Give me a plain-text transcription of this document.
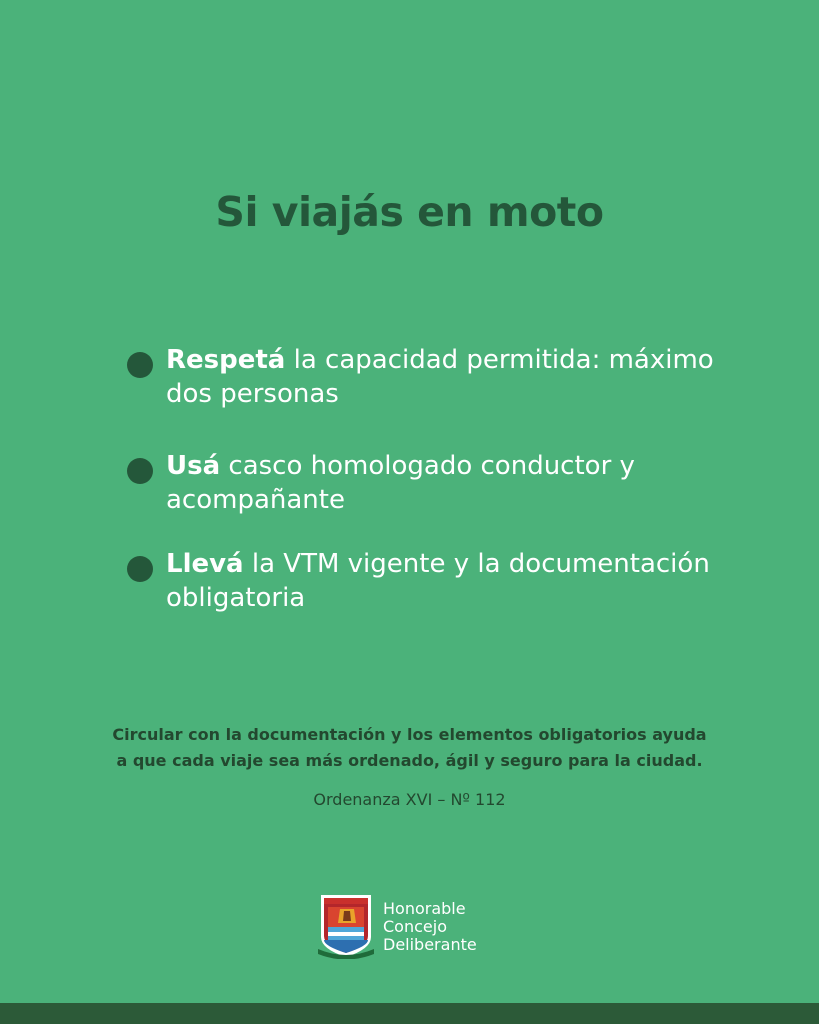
Si viajás en moto
Respetá la capacidad permitida: máximo dos personas
Usá casco homologado conductor y acompañante
Llevá la VTM vigente y la documentación obligatoria
Circular con la documentación y los elementos obligatorios ayuda
a que cada viaje sea más ordenado, ágil y seguro para la ciudad.
Ordenanza XVI – Nº 112
Honorable
Concejo
Deliberante
